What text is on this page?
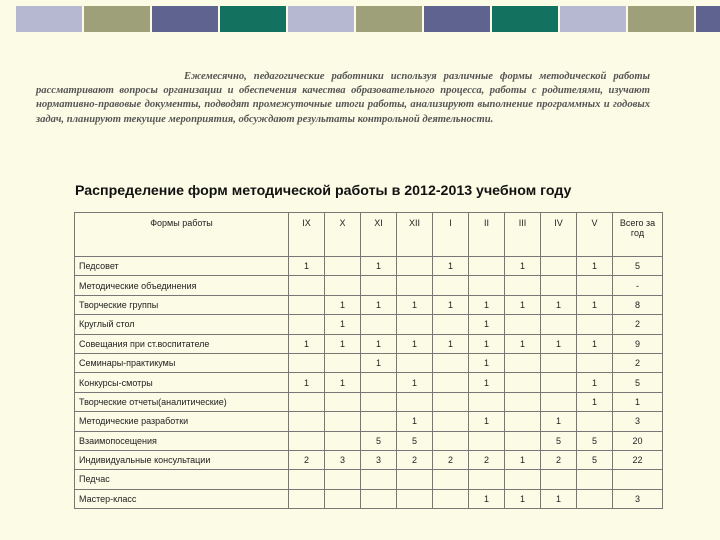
Ежемесячно, педагогические работники используя различные формы методической работы рассматривают вопросы организации и обеспечения качества образовательного процесса, работы с родителями, изучают нормативно-правовые документы, подводят промежуточные итоги работы, анализируют выполнение программных и годовых задач, планируют текущие мероприятия, обсуждают результаты контрольной деятельности.

Распределение форм методической работы в 2012-2013 учебном году
Формы работы	IX	X	XI	XII	I	II	III	IV	V	Всего за год
Педсовет	1		1		1		1		1	5
Методические объединения										-
Творческие группы		1	1	1	1	1	1	1	1	8
Круглый стол		1				1				2
Совещания при ст.воспитателе	1	1	1	1	1	1	1	1	1	9
Семинары-практикумы			1			1				2
Конкурсы-смотры	1	1		1		1			1	5
Творческие отчеты(аналитические)									1	1
Методические разработки				1		1		1		3
Взаимопосещения			5	5				5	5	20
Индивидуальные консультации	2	3	3	2	2	2	1	2	5	22
Педчас										
Мастер-класс						1	1	1		3
